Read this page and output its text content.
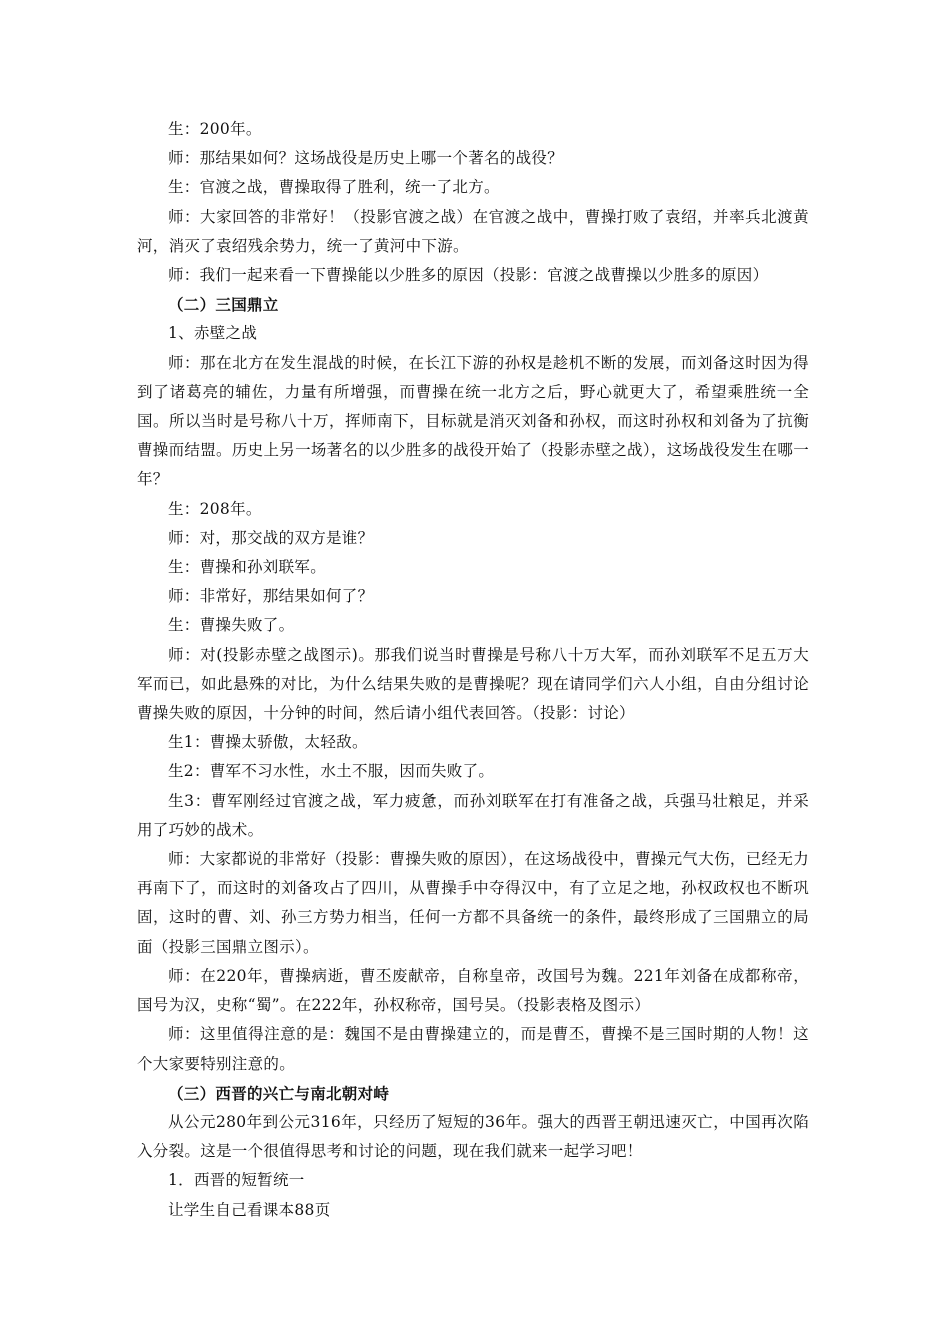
生：200年。

师：那结果如何？这场战役是历史上哪一个著名的战役？

生：官渡之战，曹操取得了胜利，统一了北方。

师：大家回答的非常好！（投影官渡之战）在官渡之战中，曹操打败了袁绍，并率兵北渡黄河，消灭了袁绍残余势力，统一了黄河中下游。

师：我们一起来看一下曹操能以少胜多的原因（投影：官渡之战曹操以少胜多的原因）

（二）三国鼎立

1、赤壁之战

师：那在北方在发生混战的时候，在长江下游的孙权是趁机不断的发展，而刘备这时因为得到了诸葛亮的辅佐，力量有所增强，而曹操在统一北方之后，野心就更大了，希望乘胜统一全国。所以当时是号称八十万，挥师南下，目标就是消灭刘备和孙权，而这时孙权和刘备为了抗衡曹操而结盟。历史上另一场著名的以少胜多的战役开始了（投影赤壁之战），这场战役发生在哪一年？

生：208年。

师：对，那交战的双方是谁？

生：曹操和孙刘联军。

师：非常好，那结果如何了？

生：曹操失败了。

师：对(投影赤壁之战图示)。那我们说当时曹操是号称八十万大军，而孙刘联军不足五万大军而已，如此悬殊的对比，为什么结果失败的是曹操呢？现在请同学们六人小组，自由分组讨论曹操失败的原因，十分钟的时间，然后请小组代表回答。（投影：讨论）

生1：曹操太骄傲，太轻敌。

生2：曹军不习水性，水土不服，因而失败了。

生3：曹军刚经过官渡之战，军力疲惫，而孙刘联军在打有准备之战，兵强马壮粮足，并采用了巧妙的战术。

师：大家都说的非常好（投影：曹操失败的原因），在这场战役中，曹操元气大伤，已经无力再南下了，而这时的刘备攻占了四川，从曹操手中夺得汉中，有了立足之地，孙权政权也不断巩固，这时的曹、刘、孙三方势力相当，任何一方都不具备统一的条件，最终形成了三国鼎立的局面（投影三国鼎立图示）。

师：在220年，曹操病逝，曹丕废献帝，自称皇帝，改国号为魏。221年刘备在成都称帝，国号为汉，史称“蜀”。在222年，孙权称帝，国号吴。（投影表格及图示）

师：这里值得注意的是：魏国不是由曹操建立的，而是曹丕，曹操不是三国时期的人物！这个大家要特别注意的。

（三）西晋的兴亡与南北朝对峙

从公元280年到公元316年，只经历了短短的36年。强大的西晋王朝迅速灭亡，中国再次陷入分裂。这是一个很值得思考和讨论的问题，现在我们就来一起学习吧！

1．西晋的短暂统一

让学生自己看课本88页
